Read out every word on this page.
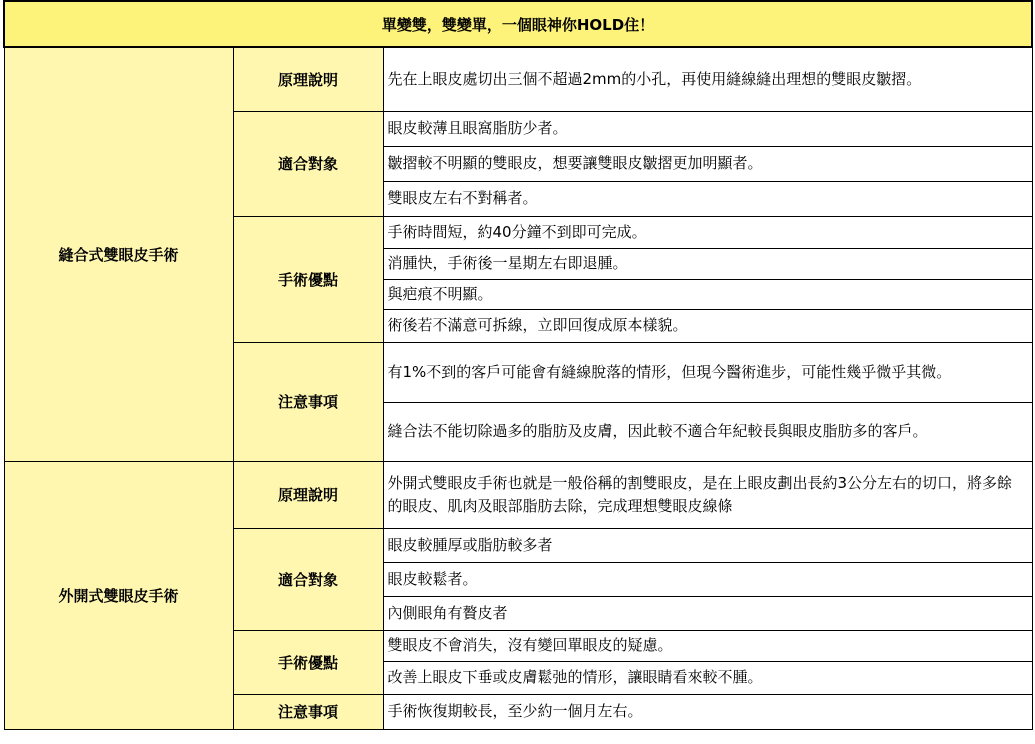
單變雙，雙變單，一個眼神你HOLD住！		
縫合式雙眼皮手術	原理說明	先在上眼皮處切出三個不超過2mm的小孔，再使用縫線縫出理想的雙眼皮皺摺。
	適合對象	眼皮較薄且眼窩脂肪少者。
		皺摺較不明顯的雙眼皮，想要讓雙眼皮皺摺更加明顯者。
		雙眼皮左右不對稱者。
	手術優點	手術時間短，約40分鐘不到即可完成。
		消腫快，手術後一星期左右即退腫。
		與疤痕不明顯。
		術後若不滿意可拆線，立即回復成原本樣貌。
	注意事項	有1%不到的客戶可能會有縫線脫落的情形，但現今醫術進步，可能性幾乎微乎其微。
		縫合法不能切除過多的脂肪及皮膚，因此較不適合年紀較長與眼皮脂肪多的客戶。
外開式雙眼皮手術	原理說明	外開式雙眼皮手術也就是一般俗稱的割雙眼皮，是在上眼皮劃出長約3公分左右的切口，將多餘的眼皮、肌肉及眼部脂肪去除，完成理想雙眼皮線條
	適合對象	眼皮較腫厚或脂肪較多者
		眼皮較鬆者。
		內側眼角有贅皮者
	手術優點	雙眼皮不會消失，沒有變回單眼皮的疑慮。
		改善上眼皮下垂或皮膚鬆弛的情形，讓眼睛看來較不腫。
	注意事項	手術恢復期較長，至少約一個月左右。
